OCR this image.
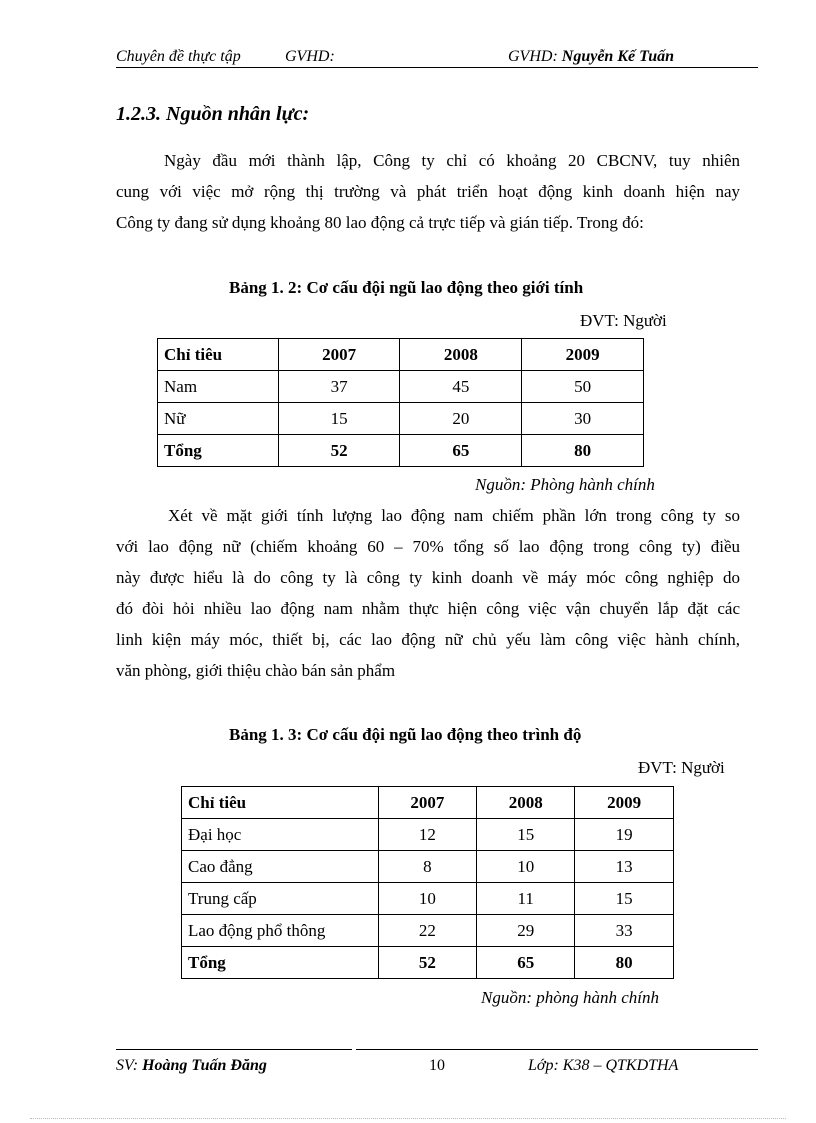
Chuyên đề thực tập	GVHD:	GVHD: Nguyễn Kế Tuấn
1.2.3. Nguồn nhân lực:
Ngày đầu mới thành lập, Công ty chỉ có khoảng 20 CBCNV, tuy nhiên
cung với việc mở rộng thị trường và phát triển hoạt động kinh doanh hiện nay
Công ty đang sử dụng khoảng 80 lao động cả trực tiếp và gián tiếp. Trong đó:
Bảng 1. 2: Cơ cấu đội ngũ lao động theo giới tính
ĐVT: Người
Chỉ tiêu	2007	2008	2009
Nam	37	45	50
Nữ	15	20	30
Tổng	52	65	80
Nguồn: Phòng hành chính
Xét về mặt giới tính lượng lao động nam chiếm phần lớn trong công ty so
với lao động nữ (chiếm khoảng 60 – 70% tổng số lao động trong công ty) điều
này được hiểu là do công ty là công ty kinh doanh về máy móc công nghiệp do
đó đòi hỏi nhiều lao động nam nhằm thực hiện công việc vận chuyển lắp đặt các
linh kiện máy móc, thiết bị, các lao động nữ chủ yếu làm công việc hành chính,
văn phòng, giới thiệu chào bán sản phẩm
Bảng 1. 3: Cơ cấu đội ngũ lao động theo trình độ
ĐVT: Người
Chỉ tiêu	2007	2008	2009
Đại học	12	15	19
Cao đẳng	8	10	13
Trung cấp	10	11	15
Lao động phổ thông	22	29	33
Tổng	52	65	80
Nguồn: phòng hành chính
SV: Hoàng Tuấn Đăng	10	Lớp: K38 – QTKDTHA
